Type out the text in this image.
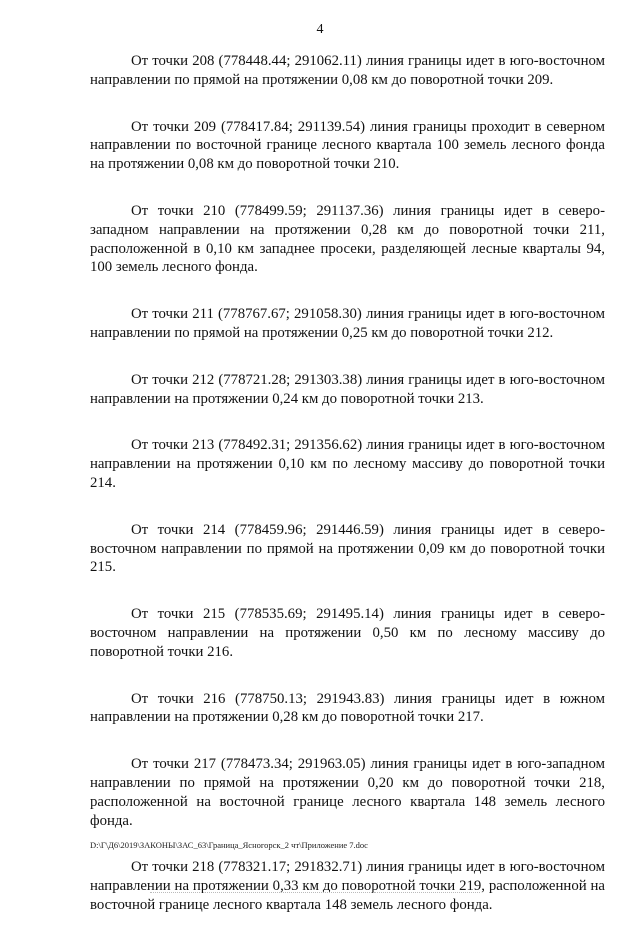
4

От точки 208 (778448.44; 291062.11) линия границы идет в юго-восточном направлении по прямой на протяжении 0,08 км до поворотной точки 209.

От точки 209 (778417.84; 291139.54) линия границы проходит в северном направлении по восточной границе лесного квартала 100 земель лесного фонда на протяжении 0,08 км до поворотной точки 210.

От точки 210 (778499.59; 291137.36) линия границы идет в северо-западном направлении на протяжении 0,28 км до поворотной точки 211, расположенной в 0,10 км западнее просеки, разделяющей лесные кварталы 94, 100 земель лесного фонда.

От точки 211 (778767.67; 291058.30) линия границы идет в юго-восточном направлении по прямой на протяжении 0,25 км до поворотной точки 212.

От точки 212 (778721.28; 291303.38) линия границы идет в юго-восточном направлении на протяжении 0,24 км до поворотной точки 213.

От точки 213 (778492.31; 291356.62) линия границы идет в юго-восточном направлении на протяжении 0,10 км по лесному массиву до поворотной точки 214.

От точки 214 (778459.96; 291446.59) линия границы идет в северо-восточном направлении по прямой на протяжении 0,09 км до поворотной точки 215.

От точки 215 (778535.69; 291495.14) линия границы идет в северо-восточном направлении на протяжении 0,50 км по лесному массиву до поворотной точки 216.

От точки 216 (778750.13; 291943.83) линия границы идет в южном направлении на протяжении 0,28 км до поворотной точки 217.

От точки 217 (778473.34; 291963.05) линия границы идет в юго-западном направлении по прямой на протяжении 0,20 км до поворотной точки 218, расположенной на восточной границе лесного квартала 148 земель лесного фонда.

От точки 218 (778321.17; 291832.71) линия границы идет в юго-восточном направлении на протяжении 0,33 км до поворотной точки 219, расположенной на восточной границе лесного квартала 148 земель лесного фонда.

D:\Г\Д6\2019\ЗАКОНЫ\ЗАС_63\Граница_Ясногорск_2 чт\Приложение 7.doc
